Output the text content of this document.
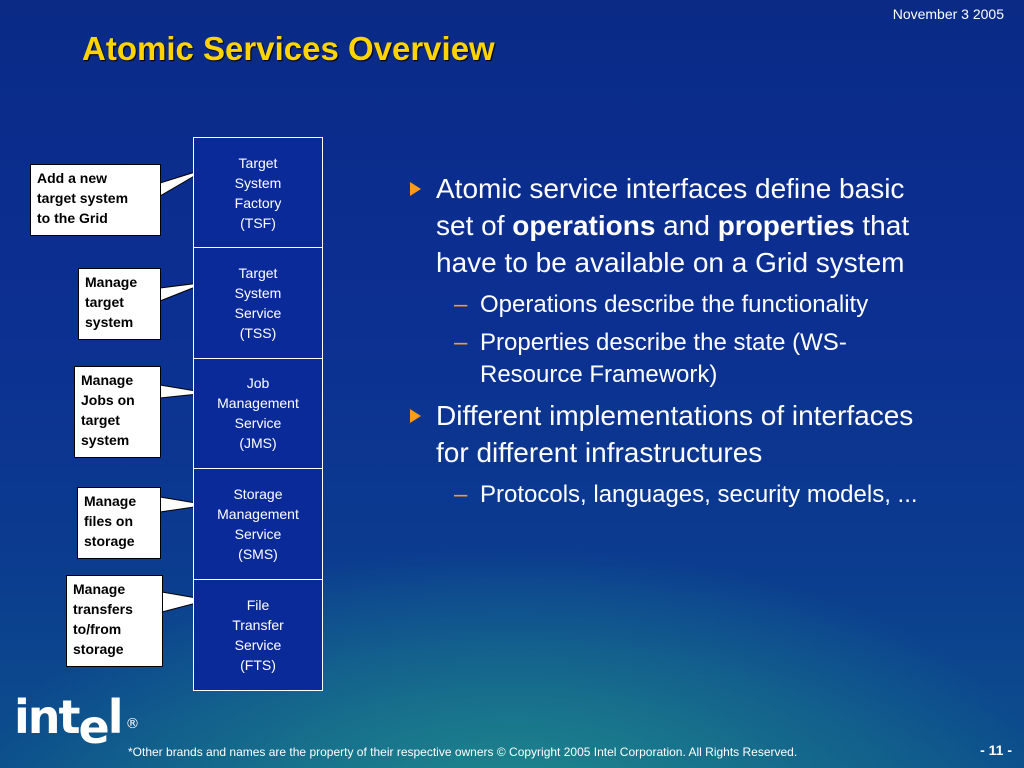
November 3 2005
Atomic Services Overview
Add a new
target system
to the Grid
Manage
target
system
Manage
Jobs on
target
system
Manage
files on
storage
Manage
transfers
to/from
storage
Target
System
Factory
(TSF)
Target
System
Service
(TSS)
Job
Management
Service
(JMS)
Storage
Management
Service
(SMS)
File
Transfer
Service
(FTS)
Atomic service interfaces define basic set of operations and properties that have to be available on a Grid system
– Operations describe the functionality
– Properties describe the state (WS-Resource Framework)
Different implementations of interfaces for different infrastructures
– Protocols, languages, security models, ...
intel ®
*Other brands and names are the property of their respective owners © Copyright 2005 Intel Corporation. All Rights Reserved.	- 11 -
